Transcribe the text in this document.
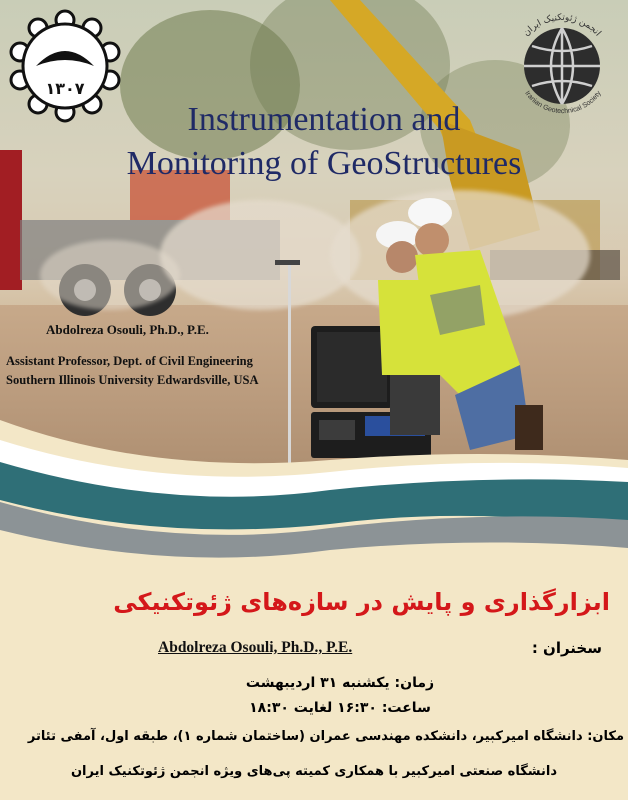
۱۳۰۷
انجمن ژئوتکنیک ایران
Iranian Geotechnical Society
Instrumentation and
Monitoring of GeoStructures
Abdolreza Osouli, Ph.D., P.E.
Assistant Professor, Dept. of Civil Engineering
Southern Illinois University Edwardsville, USA
ابزارگذاری و پایش در سازه‌های ژئوتکنیکی
Abdolreza Osouli, Ph.D., P.E.	سخنران :
زمان: یکشنبه ۳۱ اردیبهشت
ساعت: ۱۶:۳۰ لغایت ۱۸:۳۰
مکان: دانشگاه امیرکبیر، دانشکده مهندسی عمران (ساختمان شماره ۱)، طبقه اول، آمفی تئاتر
دانشگاه صنعتی امیرکبیر با همکاری کمیته پی‌های ویژه انجمن ژئوتکنیک ایران
